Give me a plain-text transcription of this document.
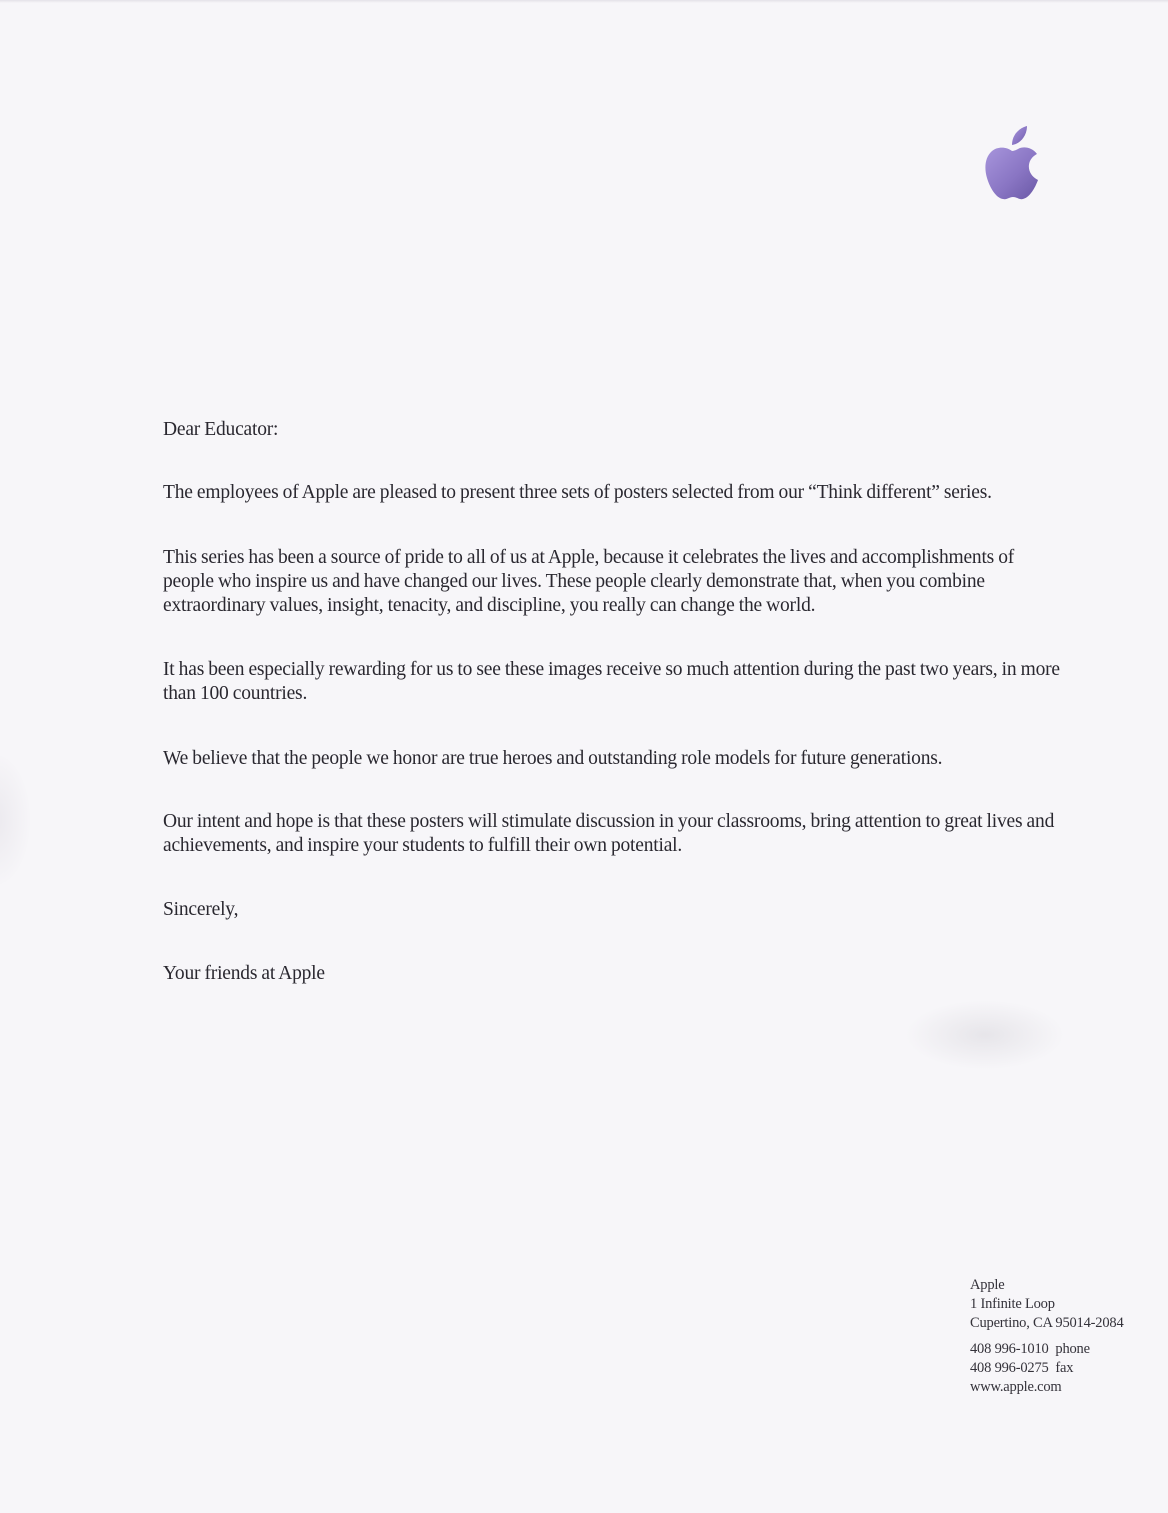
Dear Educator:

The employees of Apple are pleased to present three sets of posters selected from our “Think different” series.

This series has been a source of pride to all of us at Apple, because it celebrates the lives and accomplishments of people who inspire us and have changed our lives. These people clearly demonstrate that, when you combine extraordinary values, insight, tenacity, and discipline, you really can change the world.

It has been especially rewarding for us to see these images receive so much attention during the past two years, in more than 100 countries.

We believe that the people we honor are true heroes and outstanding role models for future generations.

Our intent and hope is that these posters will stimulate discussion in your classrooms, bring attention to great lives and achievements, and inspire your students to fulfill their own potential.

Sincerely,

Your friends at Apple

Apple
1 Infinite Loop
Cupertino, CA 95014-2084
408 996-1010  phone
408 996-0275  fax
www.apple.com
